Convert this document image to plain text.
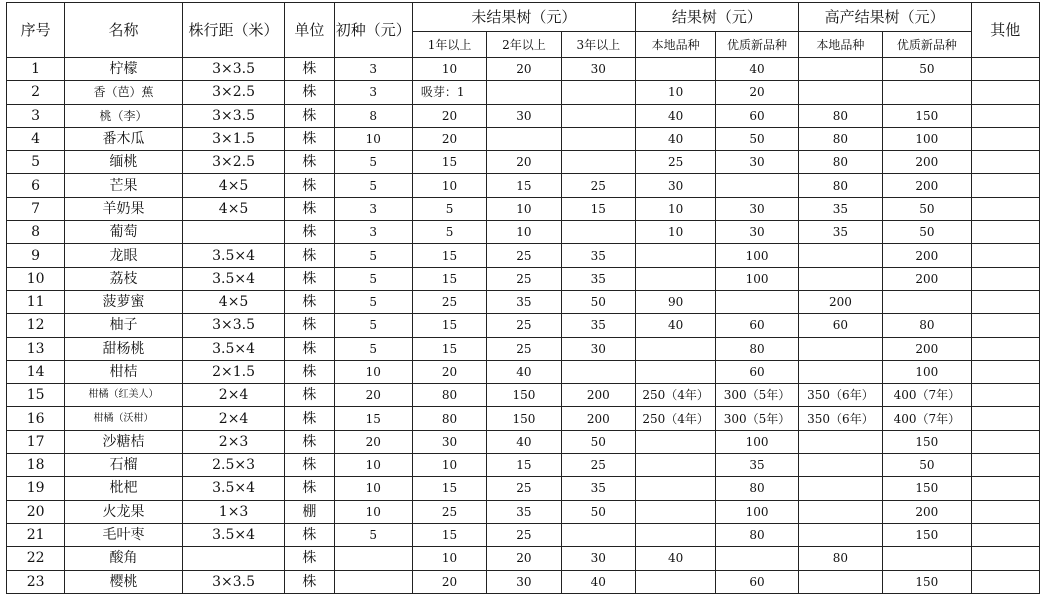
序号	名称	株行距（米）	单位	初种（元）	未结果树（元）			结果树（元）		高产结果树（元）		其他
					1年以上	2年以上	3年以上	本地品种	优质新品种	本地品种	优质新品种	
1	柠檬	3×3.5	株	3	10	20	30		40		50	
2	香（芭）蕉	3×2.5	株	3	吸芽：1			10	20			
3	桃（李）	3×3.5	株	8	20	30		40	60	80	150	
4	番木瓜	3×1.5	株	10	20			40	50	80	100	
5	缅桃	3×2.5	株	5	15	20		25	30	80	200	
6	芒果	4×5	株	5	10	15	25	30		80	200	
7	羊奶果	4×5	株	3	5	10	15	10	30	35	50	
8	葡萄		株	3	5	10		10	30	35	50	
9	龙眼	3.5×4	株	5	15	25	35		100		200	
10	荔枝	3.5×4	株	5	15	25	35		100		200	
11	菠萝蜜	4×5	株	5	25	35	50	90		200		
12	柚子	3×3.5	株	5	15	25	35	40	60	60	80	
13	甜杨桃	3.5×4	株	5	15	25	30		80		200	
14	柑桔	2×1.5	株	10	20	40			60		100	
15	柑橘（红美人）	2×4	株	20	80	150	200	250（4年）	300（5年）	350（6年）	400（7年）	
16	柑橘（沃柑）	2×4	株	15	80	150	200	250（4年）	300（5年）	350（6年）	400（7年）	
17	沙糖桔	2×3	株	20	30	40	50		100		150	
18	石榴	2.5×3	株	10	10	15	25		35		50	
19	枇杷	3.5×4	株	10	15	25	35		80		150	
20	火龙果	1×3	棚	10	25	35	50		100		200	
21	毛叶枣	3.5×4	株	5	15	25			80		150	
22	酸角		株		10	20	30	40		80		
23	樱桃	3×3.5	株		20	30	40		60		150	
